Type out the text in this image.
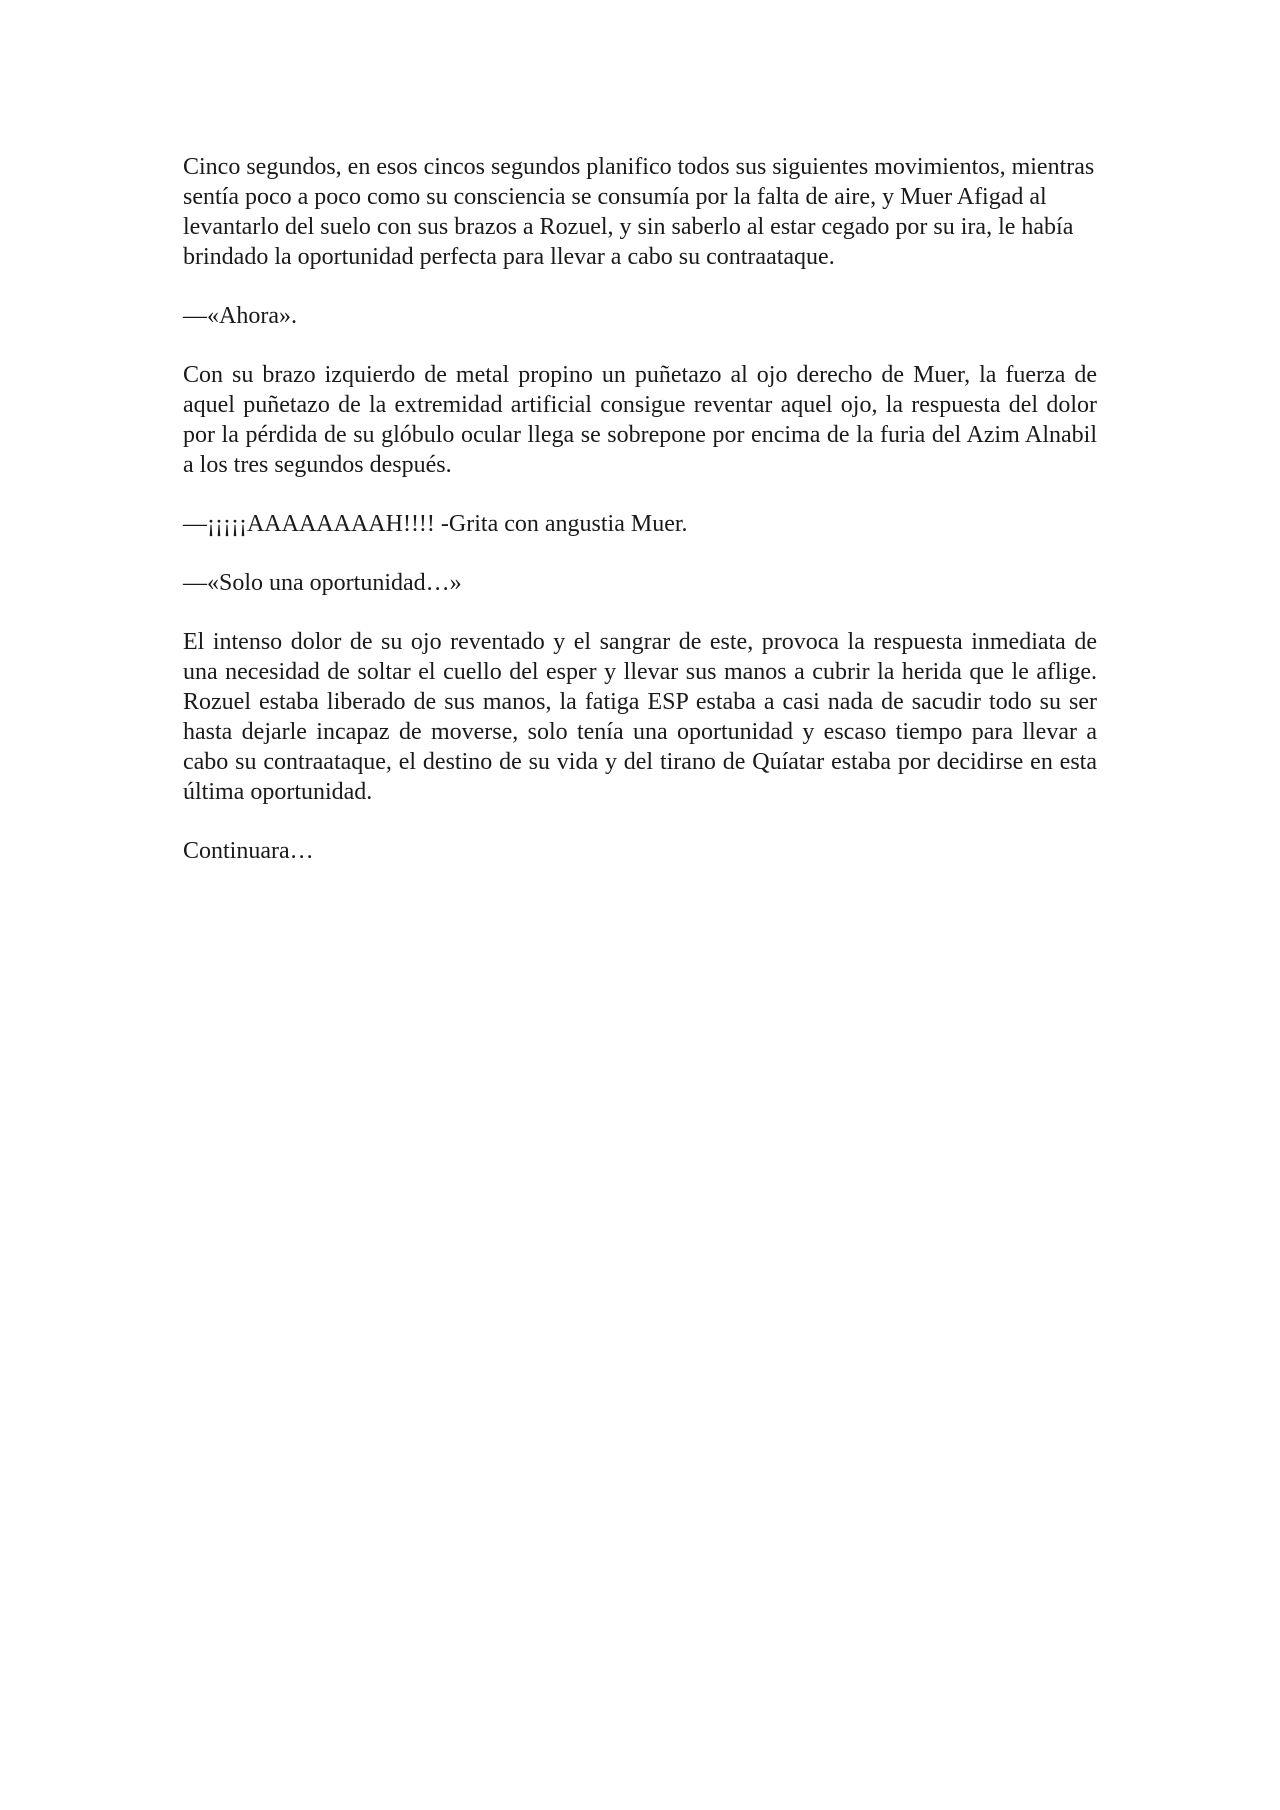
Cinco segundos, en esos cincos segundos planifico todos sus siguientes movimientos, mientras sentía poco a poco como su consciencia se consumía por la falta de aire, y Muer Afigad al levantarlo del suelo con sus brazos a Rozuel, y sin saberlo al estar cegado por su ira, le había brindado la oportunidad perfecta para llevar a cabo su contraataque.

—«Ahora».

Con su brazo izquierdo de metal propino un puñetazo al ojo derecho de Muer, la fuerza de aquel puñetazo de la extremidad artificial consigue reventar aquel ojo, la respuesta del dolor por la pérdida de su glóbulo ocular llega se sobrepone por encima de la furia del Azim Alnabil a los tres segundos después.

—¡¡¡¡¡AAAAAAAAH!!!! -Grita con angustia Muer.

—«Solo una oportunidad…»

El intenso dolor de su ojo reventado y el sangrar de este, provoca la respuesta inmediata de una necesidad de soltar el cuello del esper y llevar sus manos a cubrir la herida que le aflige. Rozuel estaba liberado de sus manos, la fatiga ESP estaba a casi nada de sacudir todo su ser hasta dejarle incapaz de moverse, solo tenía una oportunidad y escaso tiempo para llevar a cabo su contraataque, el destino de su vida y del tirano de Quíatar estaba por decidirse en esta última oportunidad.

Continuara…
